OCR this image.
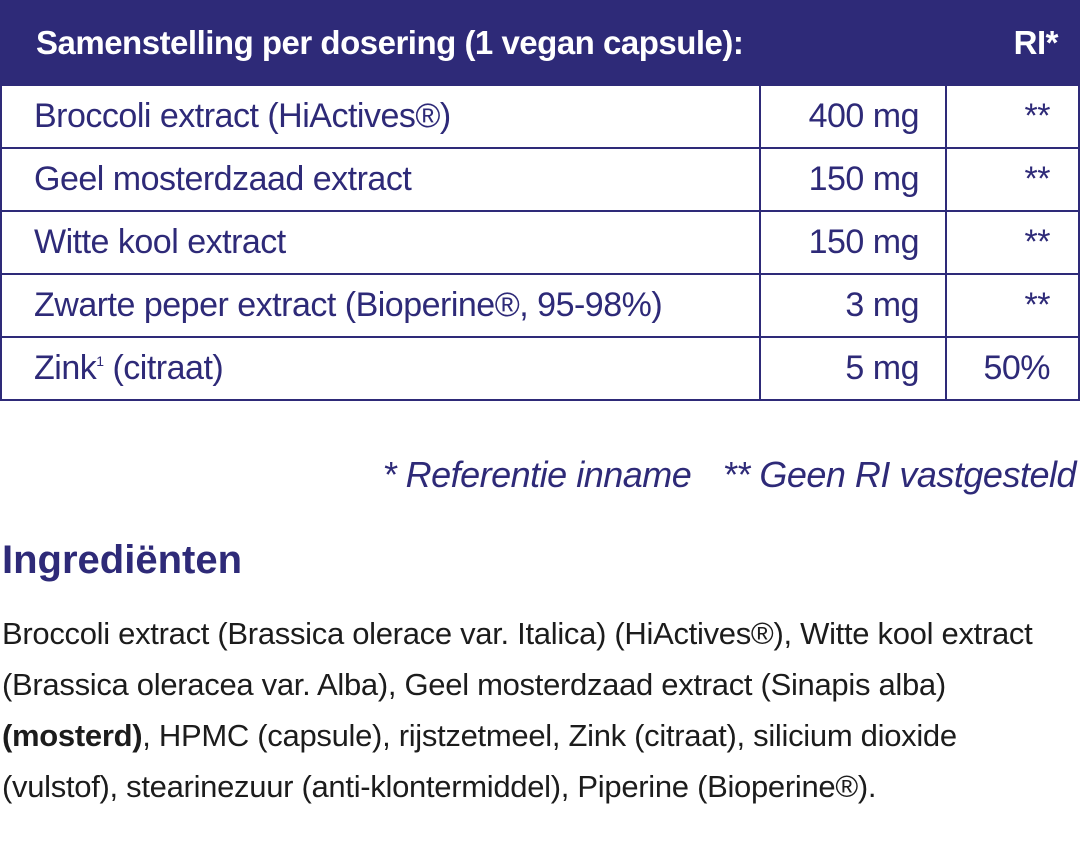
Samenstelling per dosering (1 vegan capsule):		RI*
Broccoli extract (HiActives®)	400 mg	**
Geel mosterdzaad extract	150 mg	**
Witte kool extract	150 mg	**
Zwarte peper extract (Bioperine®, 95-98%)	3 mg	**
Zink$^1$ (citraat)	5 mg	50%
* Referentie inname ** Geen RI vastgesteld
Ingrediënten

Broccoli extract (Brassica olerace var. Italica) (HiActives®), Witte kool extract (Brassica oleracea var. Alba), Geel mosterdzaad extract (Sinapis alba) (mosterd), HPMC (capsule), rijstzetmeel, Zink (citraat), silicium dioxide (vulstof), stearinezuur (anti-klontermiddel), Piperine (Bioperine®).
